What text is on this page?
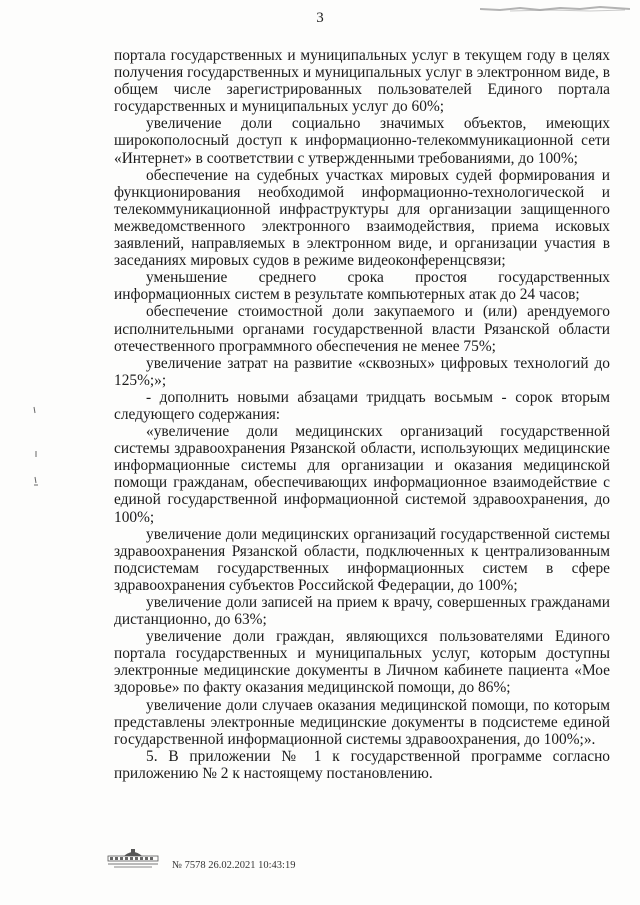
3

портала государственных и муниципальных услуг в текущем году в целях получения государственных и муниципальных услуг в электронном виде, в общем числе зарегистрированных пользователей Единого портала государственных и муниципальных услуг до 60%;

увеличение доли социально значимых объектов, имеющих широкополосный доступ к информационно-телекоммуникационной сети «Интернет» в соответствии с утвержденными требованиями, до 100%;

обеспечение на судебных участках мировых судей формирования и функционирования необходимой информационно-технологической и телекоммуникационной инфраструктуры для организации защищенного межведомственного электронного взаимодействия, приема исковых заявлений, направляемых в электронном виде, и организации участия в заседаниях мировых судов в режиме видеоконференцсвязи;

уменьшение среднего срока простоя государственных информационных систем в результате компьютерных атак до 24 часов;

обеспечение стоимостной доли закупаемого и (или) арендуемого исполнительными органами государственной власти Рязанской области отечественного программного обеспечения не менее 75%;

увеличение затрат на развитие «сквозных» цифровых технологий до 125%;»;

- дополнить новыми абзацами тридцать восьмым - сорок вторым следующего содержания:

«увеличение доли медицинских организаций государственной системы здравоохранения Рязанской области, использующих медицинские информационные системы для организации и оказания медицинской помощи гражданам, обеспечивающих информационное взаимодействие с единой государственной информационной системой здравоохранения, до 100%;

увеличение доли медицинских организаций государственной системы здравоохранения Рязанской области, подключенных к централизованным подсистемам государственных информационных систем в сфере здравоохранения субъектов Российской Федерации, до 100%;

увеличение доли записей на прием к врачу, совершенных гражданами дистанционно, до 63%;

увеличение доли граждан, являющихся пользователями Единого портала государственных и муниципальных услуг, которым доступны электронные медицинские документы в Личном кабинете пациента «Мое здоровье» по факту оказания медицинской помощи, до 86%;

увеличение доли случаев оказания медицинской помощи, по которым представлены электронные медицинские документы в подсистеме единой государственной информационной системы здравоохранения, до 100%;».

5. В приложении № 1 к государственной программе согласно приложению № 2 к настоящему постановлению.

№ 7578 26.02.2021 10:43:19
